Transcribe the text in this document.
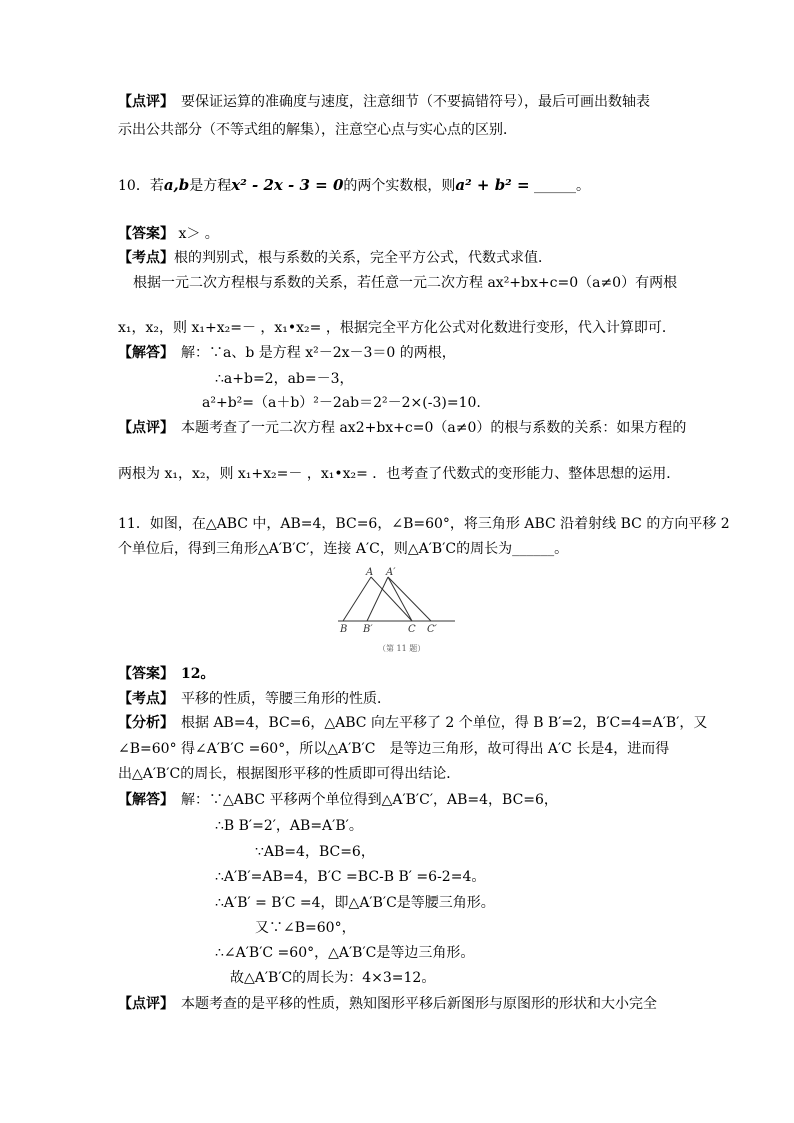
【点评】　要保证运算的准确度与速度，注意细节（不要搞错符号），最后可画出数轴表
示出公共部分（不等式组的解集），注意空心点与实心点的区别．
10．若a,b是方程x² - 2x - 3 = 0的两个实数根，则a² + b² = ______。
【答案】 x＞ 。
【考点】根的判别式，根与系数的关系，完全平方公式，代数式求值．
根据一元二次方程根与系数的关系，若任意一元二次方程 ax²+bx+c=0（a≠0）有两根
x₁，x₂，则 x₁+x₂=－ ，x₁•x₂= ，根据完全平方化公式对化数进行变形，代入计算即可．
【解答】　 解：∵a、b 是方程 x²－2x－3＝0 的两根，
∴a+b=2，ab=－3，
a²+b²=（a＋b）²－2ab＝2²－2×(-3)=10.
【点评】　本题考查了一元二次方程 ax2+bx+c=0（a≠0）的根与系数的关系：如果方程的
两根为 x₁，x₂，则 x₁+x₂=－ ，x₁•x₂= ．也考查了代数式的变形能力、整体思想的运用．
11．如图，在△ABC 中，AB=4，BC=6，∠B=60°，将三角形 ABC 沿着射线 BC 的方向平移 2
个单位后，得到三角形△A′B′C′，连接 A′C，则△A′B′C的周长为______。
A A′
B B′	C C′
（第 11 题）
【答案】　 12。
【考点】　 平移的性质，等腰三角形的性质．
【分析】　根据 AB=4，BC=6，△ABC 向左平移了 2 个单位，得 B B′=2，B′C=4=A′B′，又
∠B=60° 得∠A′B′C =60°，所以△A′B′C　是等边三角形，故可得出 A′C 长是4，进而得
出△A′B′C的周长，根据图形平移的性质即可得出结论．
【解答】　 解：∵△ABC 平移两个单位得到△A′B′C′，AB=4，BC=6，
∴B B′=2′，AB=A′B′。
∵AB=4，BC=6，
∴A′B′=AB=4，B′C =BC-B B′ =6-2=4。
∴A′B′ = B′C =4，即△A′B′C是等腰三角形。
又∵∠B=60°，
∴∠A′B′C =60°，△A′B′C是等边三角形。
故△A′B′C的周长为：4×3=12。
【点评】　本题考查的是平移的性质，熟知图形平移后新图形与原图形的形状和大小完全
